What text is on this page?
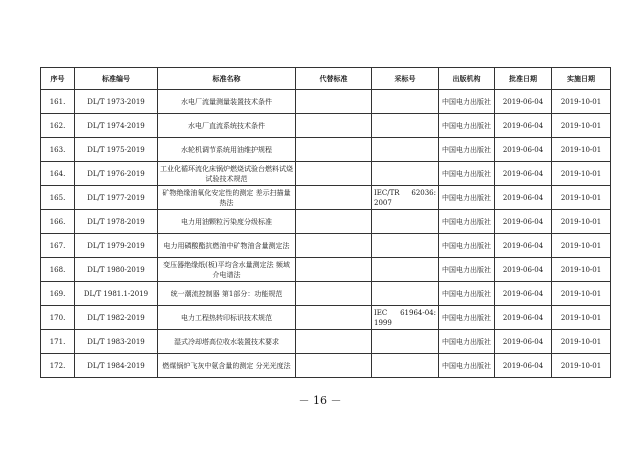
序号	标准编号	标准名称	代替标准	采标号	出版机构	批准日期	实施日期
161.	DL/T 1973-2019	水电厂流量测量装置技术条件			中国电力出版社	2019-06-04	2019-10-01
162.	DL/T 1974-2019	水电厂直流系统技术条件			中国电力出版社	2019-06-04	2019-10-01
163.	DL/T 1975-2019	水轮机调节系统用油维护规程			中国电力出版社	2019-06-04	2019-10-01
164.	DL/T 1976-2019	工业化循环流化床锅炉燃烧试验台燃料试烧试验技术规范			中国电力出版社	2019-06-04	2019-10-01
165.	DL/T 1977-2019	矿物绝缘油氧化安定性的测定 差示扫描量热法		IEC/TR 62036: 2007	中国电力出版社	2019-06-04	2019-10-01
166.	DL/T 1978-2019	电力用油颗粒污染度分级标准			中国电力出版社	2019-06-04	2019-10-01
167.	DL/T 1979-2019	电力用磷酸酯抗燃油中矿物油含量测定法			中国电力出版社	2019-06-04	2019-10-01
168.	DL/T 1980-2019	变压器绝缘纸(板)平均含水量测定法 频域介电谱法			中国电力出版社	2019-06-04	2019-10-01
169.	DL/T 1981.1-2019	统一潮流控制器 第1部分：功能规范			中国电力出版社	2019-06-04	2019-10-01
170.	DL/T 1982-2019	电力工程热转印标识技术规范		IEC 61964-04: 1999	中国电力出版社	2019-06-04	2019-10-01
171.	DL/T 1983-2019	湿式冷却塔高位收水装置技术要求			中国电力出版社	2019-06-04	2019-10-01
172.	DL/T 1984-2019	燃煤锅炉飞灰中氨含量的测定 分光光度法			中国电力出版社	2019-06-04	2019-10-01
－ 16 －
